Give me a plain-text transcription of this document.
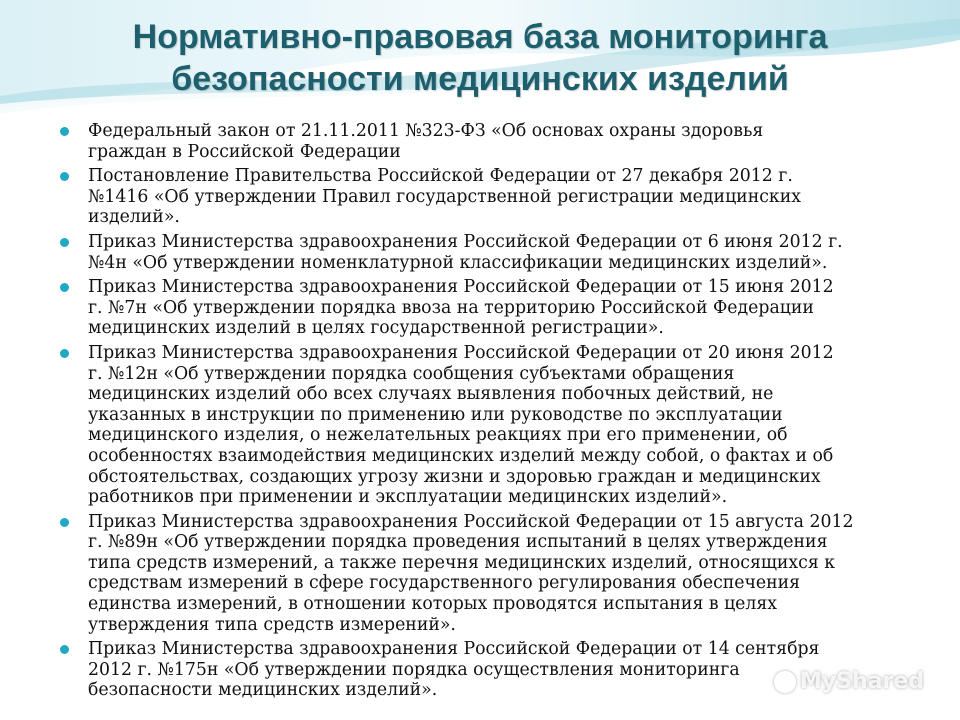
Нормативно-правовая база мониторинга
безопасности медицинских изделий
Федеральный закон от 21.11.2011 №323-ФЗ «Об основах охраны здоровья
граждан в Российской Федерации
Постановление Правительства Российской Федерации от 27 декабря 2012 г.
№1416 «Об утверждении Правил государственной регистрации медицинских
изделий».
Приказ Министерства здравоохранения Российской Федерации от 6 июня 2012 г.
№4н «Об утверждении номенклатурной классификации медицинских изделий».
Приказ Министерства здравоохранения Российской Федерации от 15 июня 2012
г. №7н «Об утверждении порядка ввоза на территорию Российской Федерации
медицинских изделий в целях государственной регистрации».
Приказ Министерства здравоохранения Российской Федерации от 20 июня 2012
г. №12н «Об утверждении порядка сообщения субъектами обращения
медицинских изделий обо всех случаях выявления побочных действий, не
указанных в инструкции по применению или руководстве по эксплуатации
медицинского изделия, о нежелательных реакциях при его применении, об
особенностях взаимодействия медицинских изделий между собой, о фактах и об
обстоятельствах, создающих угрозу жизни и здоровью граждан и медицинских
работников при применении и эксплуатации медицинских изделий».
Приказ Министерства здравоохранения Российской Федерации от 15 августа 2012
г. №89н «Об утверждении порядка проведения испытаний в целях утверждения
типа средств измерений, а также перечня медицинских изделий, относящихся к
средствам измерений в сфере государственного регулирования обеспечения
единства измерений, в отношении которых проводятся испытания в целях
утверждения типа средств измерений».
Приказ Министерства здравоохранения Российской Федерации от 14 сентября
2012 г. №175н «Об утверждении порядка осуществления мониторинга
безопасности медицинских изделий».	MyShared
